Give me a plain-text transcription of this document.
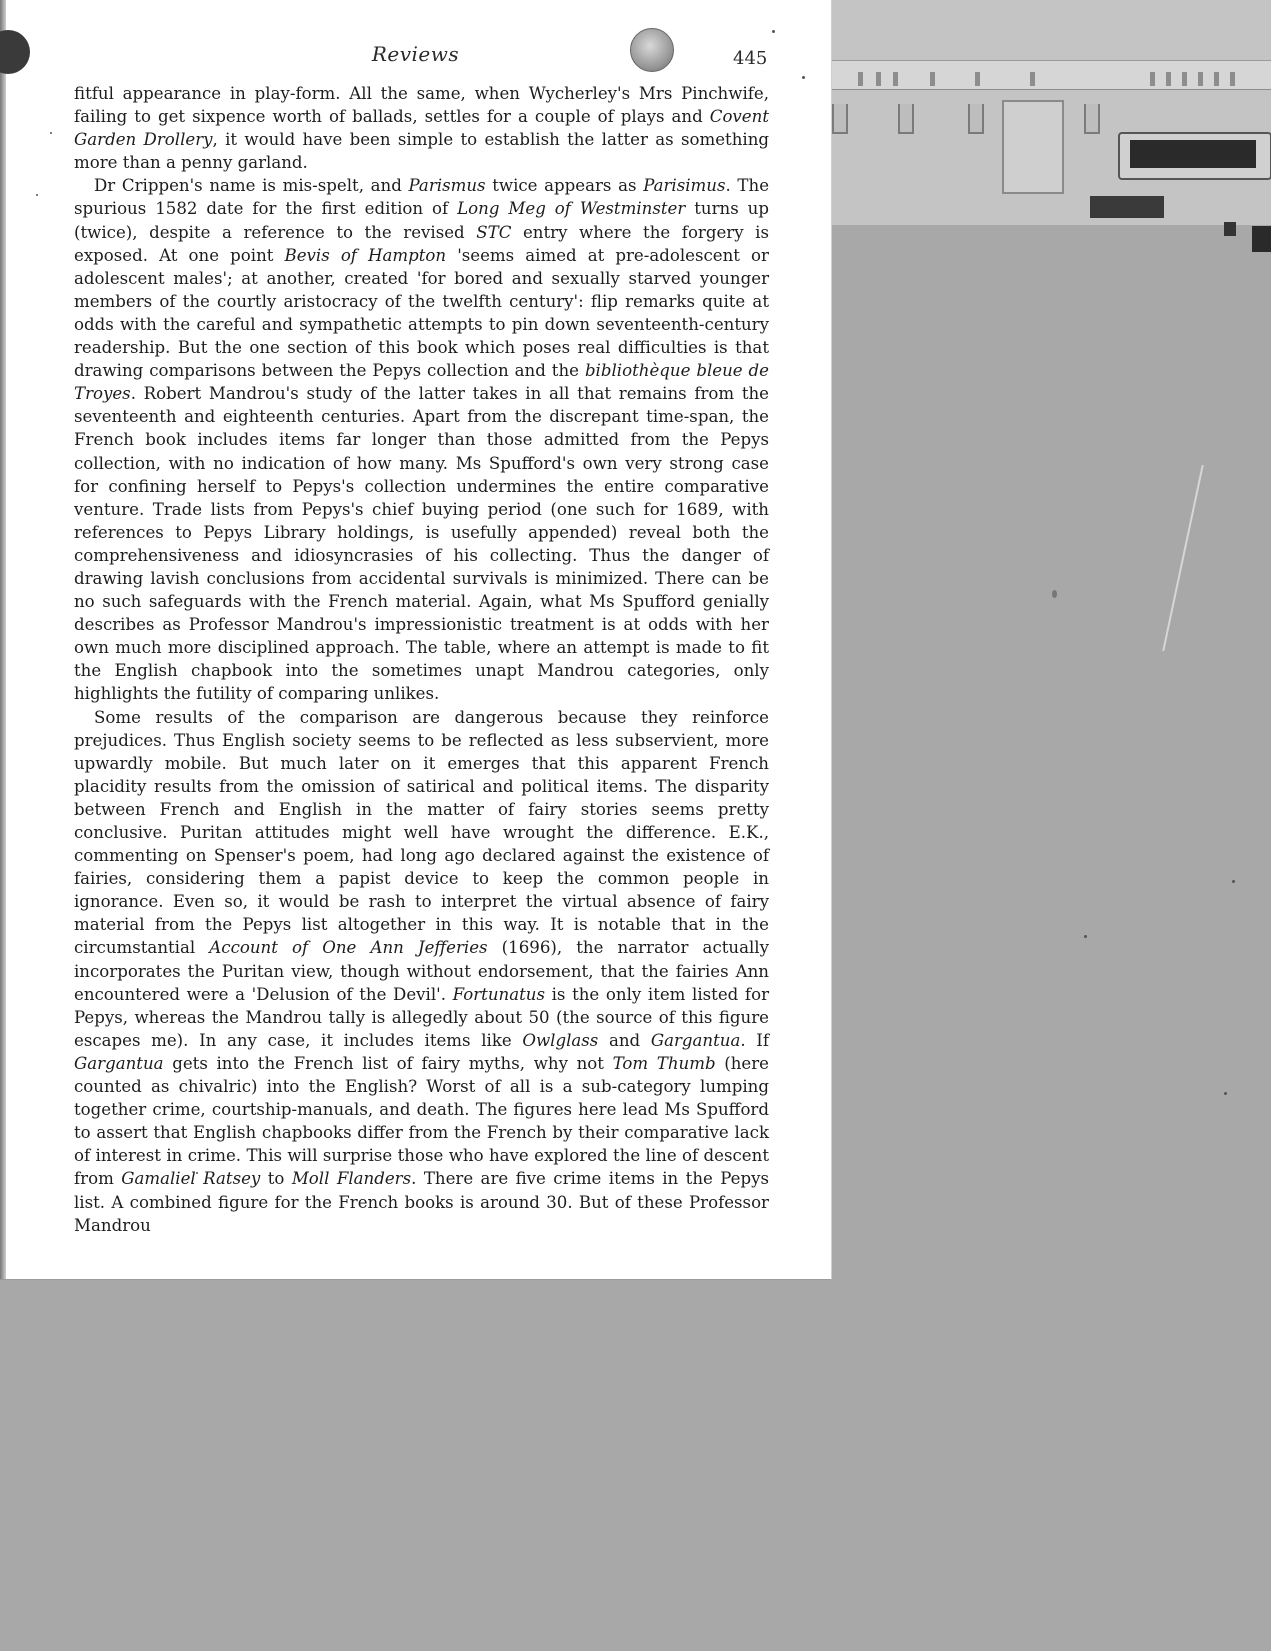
Reviews	445

fitful appearance in play-form. All the same, when Wycherley's Mrs Pinchwife, failing to get sixpence worth of ballads, settles for a couple of plays and Covent Garden Drollery, it would have been simple to establish the latter as something more than a penny garland.

Dr Crippen's name is mis-spelt, and Parismus twice appears as Parisimus. The spurious 1582 date for the first edition of Long Meg of Westminster turns up (twice), despite a reference to the revised STC entry where the forgery is exposed. At one point Bevis of Hampton 'seems aimed at pre-adolescent or adolescent males'; at another, created 'for bored and sexually starved younger members of the courtly aristocracy of the twelfth century': flip remarks quite at odds with the careful and sympathetic attempts to pin down seventeenth-century readership. But the one section of this book which poses real difficulties is that drawing comparisons between the Pepys collection and the bibliothèque bleue de Troyes. Robert Mandrou's study of the latter takes in all that remains from the seventeenth and eighteenth centuries. Apart from the discrepant time-span, the French book includes items far longer than those admitted from the Pepys collection, with no indication of how many. Ms Spufford's own very strong case for confining herself to Pepys's collection undermines the entire comparative venture. Trade lists from Pepys's chief buying period (one such for 1689, with references to Pepys Library holdings, is usefully appended) reveal both the comprehensiveness and idiosyncrasies of his collecting. Thus the danger of drawing lavish conclusions from accidental survivals is minimized. There can be no such safeguards with the French material. Again, what Ms Spufford genially describes as Professor Mandrou's impressionistic treatment is at odds with her own much more disciplined approach. The table, where an attempt is made to fit the English chapbook into the sometimes unapt Mandrou categories, only highlights the futility of comparing unlikes.

Some results of the comparison are dangerous because they reinforce prejudices. Thus English society seems to be reflected as less subservient, more upwardly mobile. But much later on it emerges that this apparent French placidity results from the omission of satirical and political items. The disparity between French and English in the matter of fairy stories seems pretty conclusive. Puritan attitudes might well have wrought the difference. E.K., commenting on Spenser's poem, had long ago declared against the existence of fairies, considering them a papist device to keep the common people in ignorance. Even so, it would be rash to interpret the virtual absence of fairy material from the Pepys list altogether in this way. It is notable that in the circumstantial Account of One Ann Jefferies (1696), the narrator actually incorporates the Puritan view, though without endorsement, that the fairies Ann encountered were a 'Delusion of the Devil'. Fortunatus is the only item listed for Pepys, whereas the Mandrou tally is allegedly about 50 (the source of this figure escapes me). In any case, it includes items like Owlglass and Gargantua. If Gargantua gets into the French list of fairy myths, why not Tom Thumb (here counted as chivalric) into the English? Worst of all is a sub-category lumping together crime, courtship-manuals, and death. The figures here lead Ms Spufford to assert that English chapbooks differ from the French by their comparative lack of interest in crime. This will surprise those who have explored the line of descent from Gamaliel Ratsey to Moll Flanders. There are five crime items in the Pepys list. A combined figure for the French books is around 30. But of these Professor Mandrou
